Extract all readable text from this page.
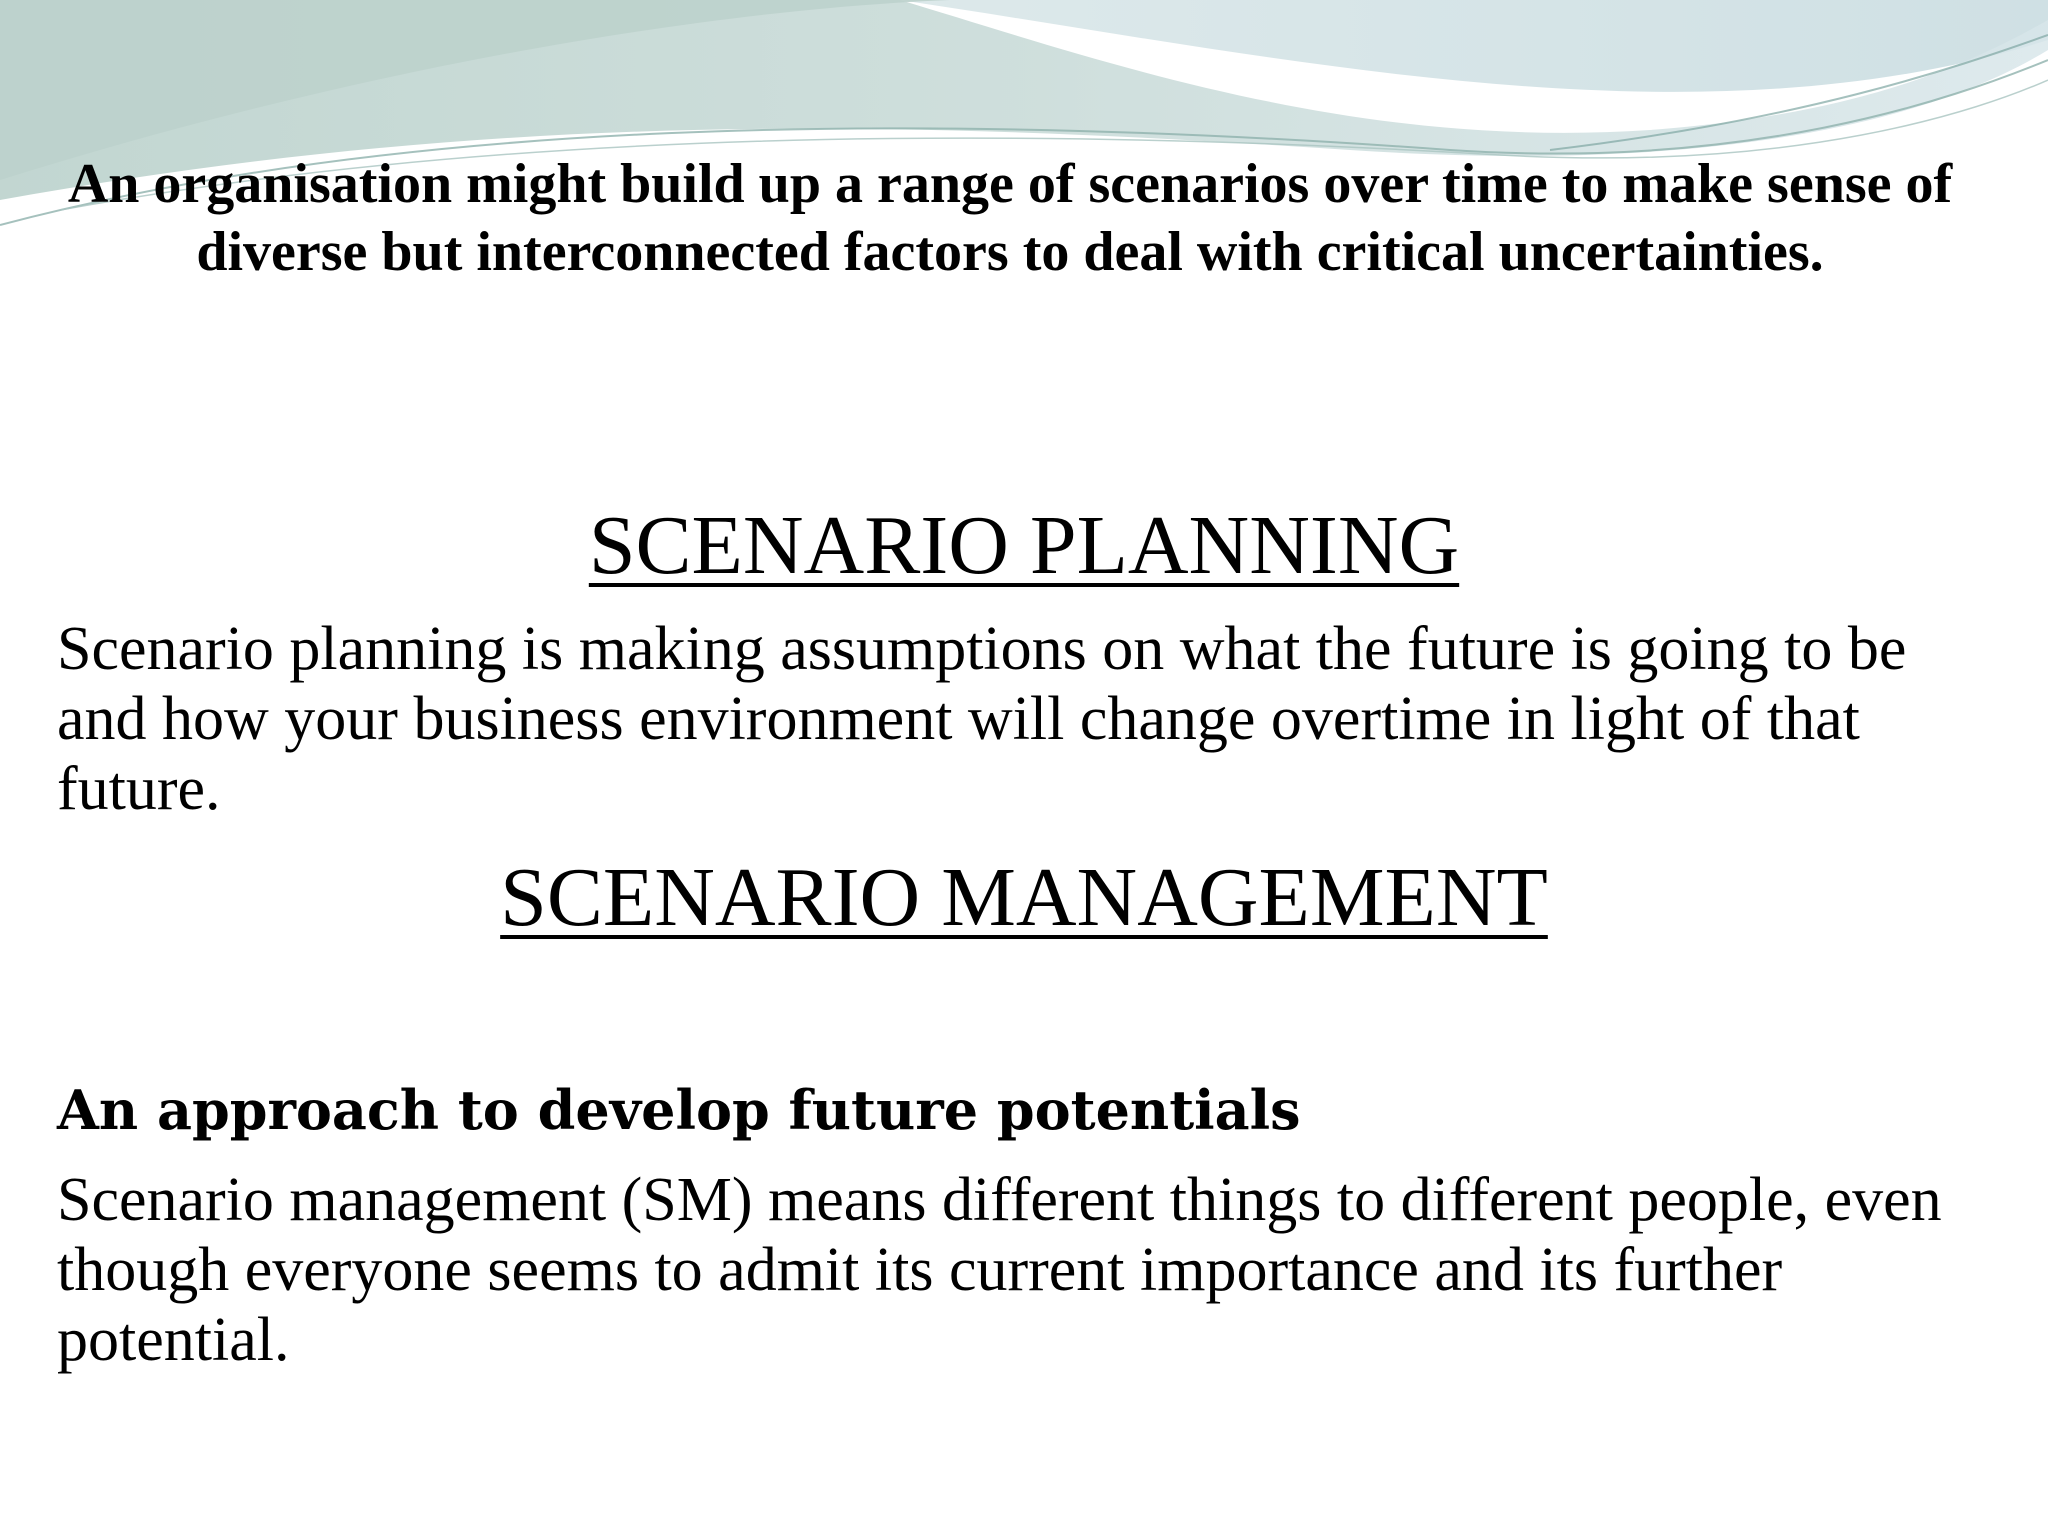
An organisation might build up a range of scenarios over time to make sense of diverse but interconnected factors to deal with critical uncertainties.

SCENARIO PLANNING

Scenario planning is making assumptions on what the future is going to be and how your business environment will change overtime in light of that future.

SCENARIO MANAGEMENT
An approach to develop future potentials

Scenario management (SM) means different things to different people, even though everyone seems to admit its current importance and its further potential.
